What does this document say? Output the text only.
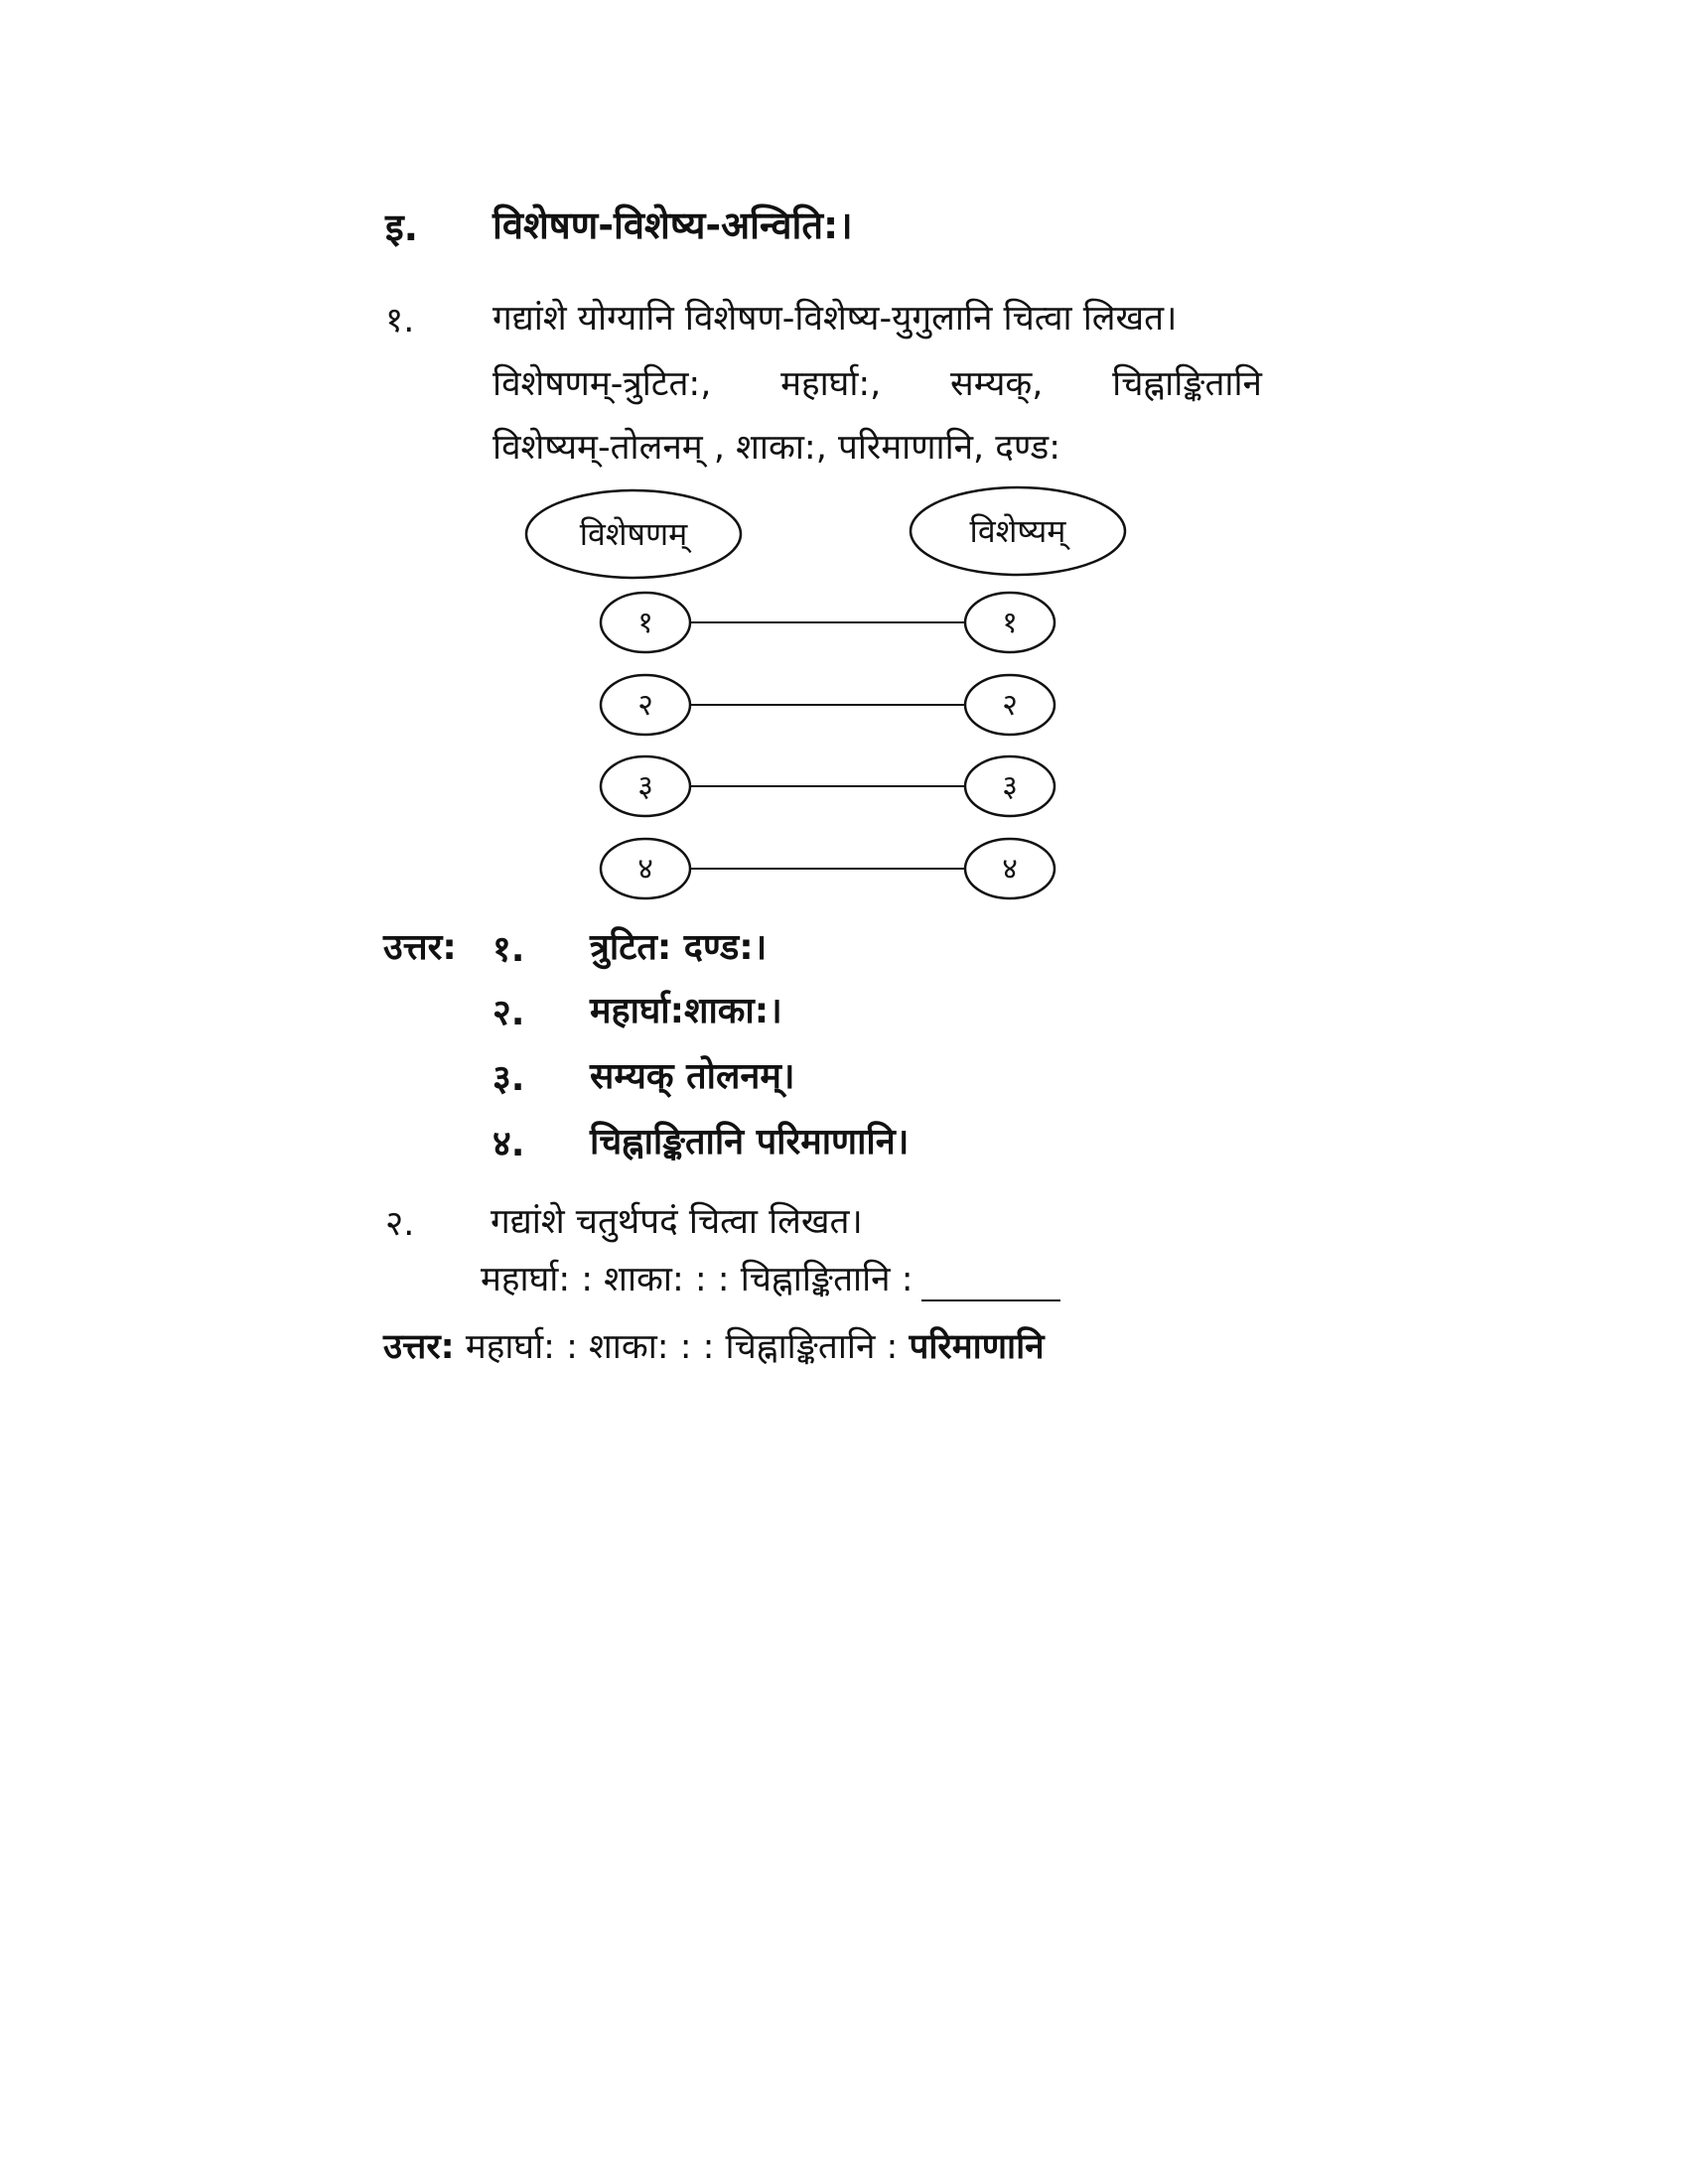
इ. विशेषण-विशेष्य-अन्विति:।
१. गद्यांशे योग्यानि विशेषण-विशेष्य-युगुलानि चित्वा लिखत।
विशेषणम्-त्रुटित:, महार्घा:, सम्यक्, चिह्नाङ्कितानि
विशेष्यम्-तोलनम् , शाका:, परिमाणानि, दण्ड:
विशेषणम्	विशेष्यम्
१	१
२	२
३	३
४	४
उत्तर: १. त्रुटित: दण्ड:।
२. महार्घा:शाका:।
३. सम्यक् तोलनम्।
४. चिह्नाङ्कितानि परिमाणानि।
२. गद्यांशे चतुर्थपदं चित्वा लिखत।
महार्घा: : शाका: : : चिह्नाङ्कितानि :
उत्तर: महार्घा: : शाका: : : चिह्नाङ्कितानि : परिमाणानि
